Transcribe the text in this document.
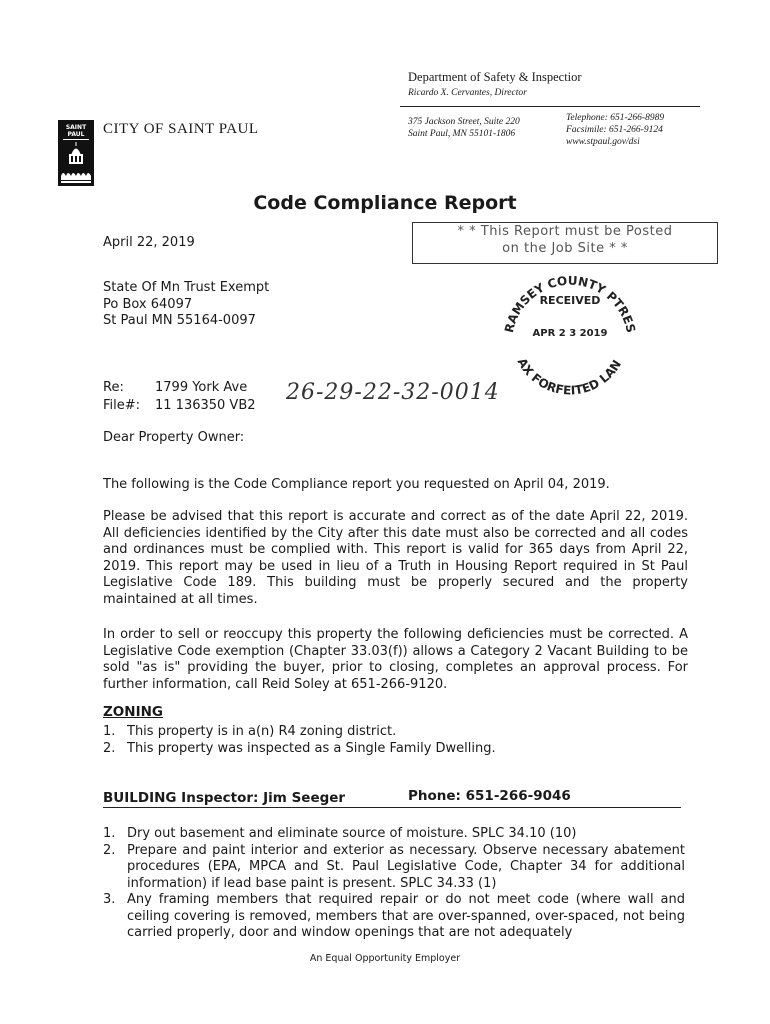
Department of Safety & Inspectior
Ricardo X. Cervantes, Director
SAINT
PAUL CITY OF SAINT PAUL	375 Jackson Street, Suite 220
Saint Paul, MN 55101-1806
Telephone: 651-266-8989
Facsimile: 651-266-9124
www.stpaul.gov/dsi
Code Compliance Report
April 22, 2019
* * This Report must be Posted
on the Job Site * *
State Of Mn Trust Exempt
Po Box 64097
St Paul MN 55164-0097	RAMSEY COUNTY PTRES
RECEIVED
APR 2 3 2019
AX FORFEITED LAN
Re: 1799 York Ave
File#: 11 136350 VB2
26-29-22-32-0014
Dear Property Owner:
The following is the Code Compliance report you requested on April 04, 2019.
Please be advised that this report is accurate and correct as of the date April 22, 2019. All deficiencies identified by the City after this date must also be corrected and all codes and ordinances must be complied with. This report is valid for 365 days from April 22, 2019. This report may be used in lieu of a Truth in Housing Report required in St Paul Legislative Code 189. This building must be properly secured and the property maintained at all times.
In order to sell or reoccupy this property the following deficiencies must be corrected. A Legislative Code exemption (Chapter 33.03(f)) allows a Category 2 Vacant Building to be sold "as is" providing the buyer, prior to closing, completes an approval process. For further information, call Reid Soley at 651-266-9120.
ZONING
1. This property is in a(n) R4 zoning district.
2. This property was inspected as a Single Family Dwelling.
BUILDING Inspector: Jim Seeger	Phone: 651-266-9046
1. Dry out basement and eliminate source of moisture. SPLC 34.10 (10)
2. Prepare and paint interior and exterior as necessary. Observe necessary abatement procedures (EPA, MPCA and St. Paul Legislative Code, Chapter 34 for additional information) if lead base paint is present. SPLC 34.33 (1)
3. Any framing members that required repair or do not meet code (where wall and ceiling covering is removed, members that are over-spanned, over-spaced, not being carried properly, door and window openings that are not adequately
An Equal Opportunity Employer
